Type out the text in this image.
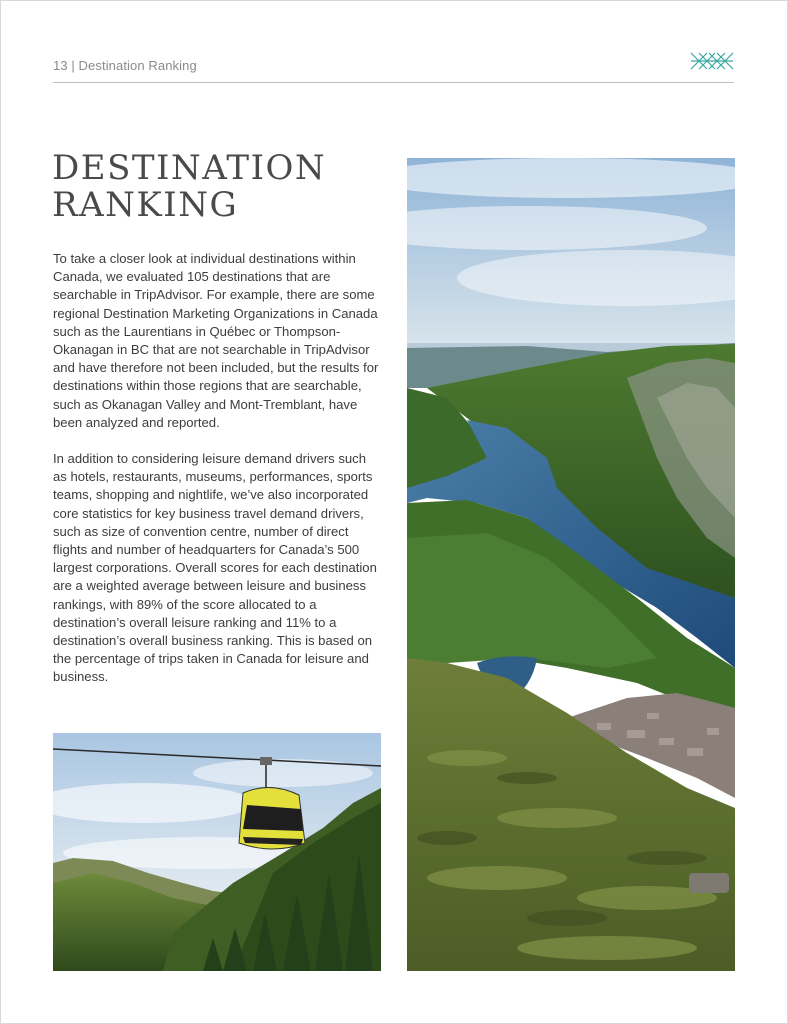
13 | Destination Ranking
DESTINATION
RANKING

To take a closer look at individual destinations within Canada, we evaluated 105 destinations that are searchable in TripAdvisor. For example, there are some regional Destination Marketing Organizations in Canada such as the Laurentians in Québec or Thompson-Okanagan in BC that are not searchable in TripAdvisor and have therefore not been included, but the results for destinations within those regions that are searchable, such as Okanagan Valley and Mont-Tremblant, have been analyzed and reported.

In addition to considering leisure demand drivers such as hotels, restaurants, museums, performances, sports teams, shopping and nightlife, we’ve also incorporated core statistics for key business travel demand drivers, such as size of convention centre, number of direct flights and number of headquarters for Canada’s 500 largest corporations. Overall scores for each destination are a weighted average between leisure and business rankings, with 89% of the score allocated to a destination’s overall leisure ranking and 11% to a destination’s overall business ranking. This is based on the percentage of trips taken in Canada for leisure and business.
